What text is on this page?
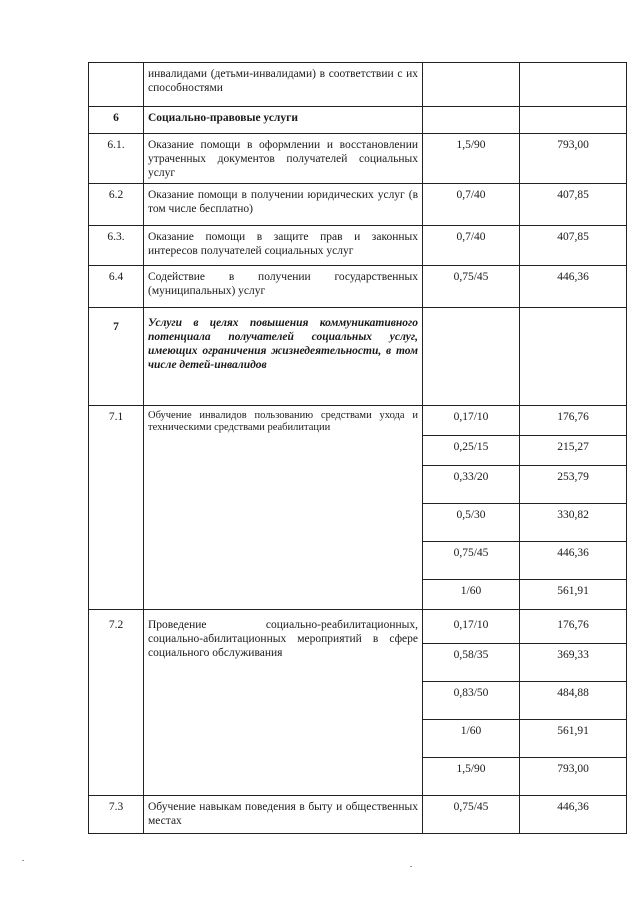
	инвалидами (детьми-инвалидами) в соответствии с их способностями		
6	Социально-правовые услуги		
6.1.	Оказание помощи в оформлении и восстановлении утраченных документов получателей социальных услуг	1,5/90	793,00
6.2	Оказание помощи в получении юридических услуг (в том числе бесплатно)	0,7/40	407,85
6.3.	Оказание помощи в защите прав и законных интересов получателей социальных услуг	0,7/40	407,85
6.4	Содействие в получении государственных (муниципальных) услуг	0,75/45	446,36
7	Услуги в целях повышения коммуникативного потенциала получателей социальных услуг, имеющих ограничения жизнедеятельности, в том числе детей-инвалидов		
7.1	Обучение инвалидов пользованию средствами ухода и техническими средствами реабилитации	0,17/10	176,76
		0,25/15	215,27
		0,33/20	253,79
		0,5/30	330,82
		0,75/45	446,36
		1/60	561,91
7.2	Проведение социально-реабилитационных, социально-абилитационных мероприятий в сфере социального обслуживания	0,17/10	176,76
		0,58/35	369,33
		0,83/50	484,88
		1/60	561,91
		1,5/90	793,00
7.3	Обучение навыкам поведения в быту и общественных местах	0,75/45	446,36
